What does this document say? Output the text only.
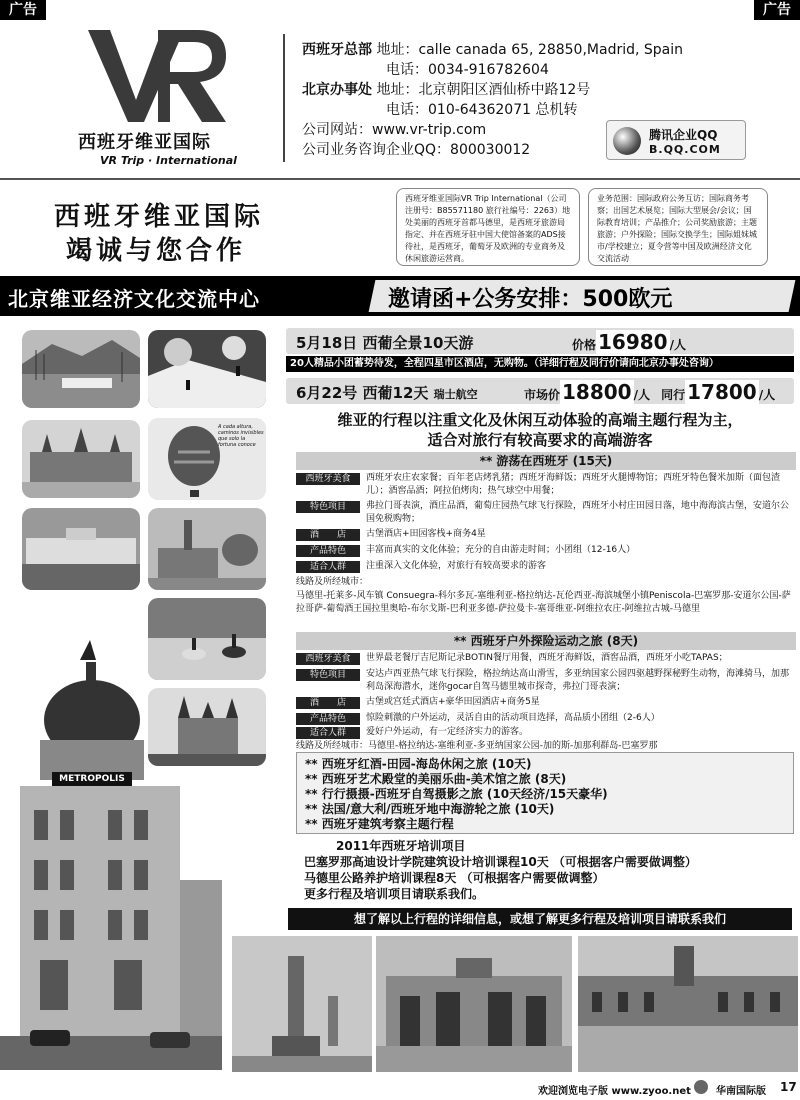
广告	广告
西班牙维亚国际
VR Trip · International
西班牙总部 地址：calle canada 65, 28850,Madrid, Spain
电话：0034-916782604
北京办事处 地址：北京朝阳区酒仙桥中路12号
电话：010-64362071 总机转
公司网站：www.vr-trip.com
公司业务咨询企业QQ：800030012
腾讯企业QQ
B.QQ.COM
西班牙维亚国际
竭诚与您合作
西班牙维亚国际VR Trip International（公司注册号：B85571180 旅行社编号：2263）地处美丽的西班牙首都马德里，是西班牙旅游局指定、并在西班牙驻中国大使馆备案的ADS接待社，是西班牙，葡萄牙及欧洲的专业商务及休闲旅游运营商。
业务范围：国际政府公务互访；国际商务考察；出国艺术展览；国际大型展会/会议；国际教育培训；产品推介；公司奖励旅游；主题旅游；户外探险；国际交换学生；国际姐妹城市/学校建立；夏令营等中国及欧洲经济文化交流活动
北京维亚经济文化交流中心	邀请函+公务安排：500欧元
A cada altura, caminos invisibles que solo la fortuna conoce
METROPOLIS
5月18日 西葡全景10天游	价格 16980 /人
20人精品小团蓄势待发，全程四星市区酒店，无购物。（详细行程及同行价请向北京办事处咨询）
6月22号 西葡12天 瑞士航空	市场价 18800 /人 同行 17800 /人
维亚的行程以注重文化及休闲互动体验的高端主题行程为主，
适合对旅行有较高要求的高端游客
** 游荡在西班牙 (15天)
西班牙美食	西班牙农庄农家餐；百年老店烤乳猪；西班牙海鲜饭；西班牙火腿博物馆；西班牙特色餐米加斯（面包渣儿）；酒窖品酒；阿拉伯烤肉；热气球空中用餐；
特色项目	弗拉门哥表演，酒庄品酒，葡萄庄园热气球飞行探险，西班牙小村庄田园日落，地中海海滨古堡，安道尔公国免税购物；
酒　　店	古堡酒店+田园客栈+商务4星
产品特色	丰富而真实的文化体验；充分的自由游走时间；小团组（12-16人）
适合人群	注重深入文化体验，对旅行有较高要求的游客
线路及所经城市：
马德里-托莱多-风车镇 Consuegra-科尔多瓦-塞维利亚-格拉纳达-瓦伦西亚-海滨城堡小镇Peniscola-巴塞罗那-安道尔公国-萨拉哥萨-葡萄酒王国拉里奥哈-布尔戈斯-巴利亚多德-萨拉曼卡-塞哥维亚-阿维拉农庄-阿维拉古城-马德里
** 西班牙户外探险运动之旅 (8天)
西班牙美食	世界最老餐厅吉尼斯记录BOTIN餐厅用餐，西班牙海鲜饭，酒窖品酒，西班牙小吃TAPAS；
特色项目	安达卢西亚热气球飞行探险，格拉纳达高山滑雪，多亚纳国家公园四驱越野探秘野生动物，海滩骑马，加那利岛深海潜水，迷你gocar自驾马德里城市探奇，弗拉门哥表演；
酒　　店	古堡或宫廷式酒店+豪华田园酒店+商务5星
产品特色	惊险刺激的户外运动，灵活自由的活动项目选择，高品质小团组（2-6人）
适合人群	爱好户外运动，有一定经济实力的游客。
线路及所经城市：马德里-格拉纳达-塞维利亚-多亚纳国家公园-加的斯-加那利群岛-巴塞罗那
** 西班牙红酒-田园-海岛休闲之旅 (10天)
** 西班牙艺术殿堂的美丽乐曲-美术馆之旅 (8天)
** 行行摄摄-西班牙自驾摄影之旅 (10天经济/15天豪华)
** 法国/意大利/西班牙地中海游轮之旅 (10天)
** 西班牙建筑考察主题行程
2011年西班牙培训项目
巴塞罗那高迪设计学院建筑设计培训课程10天 （可根据客户需要做调整）
马德里公路养护培训课程8天 （可根据客户需要做调整）
更多行程及培训项目请联系我们。
想了解以上行程的详细信息，或想了解更多行程及培训项目请联系我们
欢迎浏览电子版 www.zyoo.net	华南国际版 17
